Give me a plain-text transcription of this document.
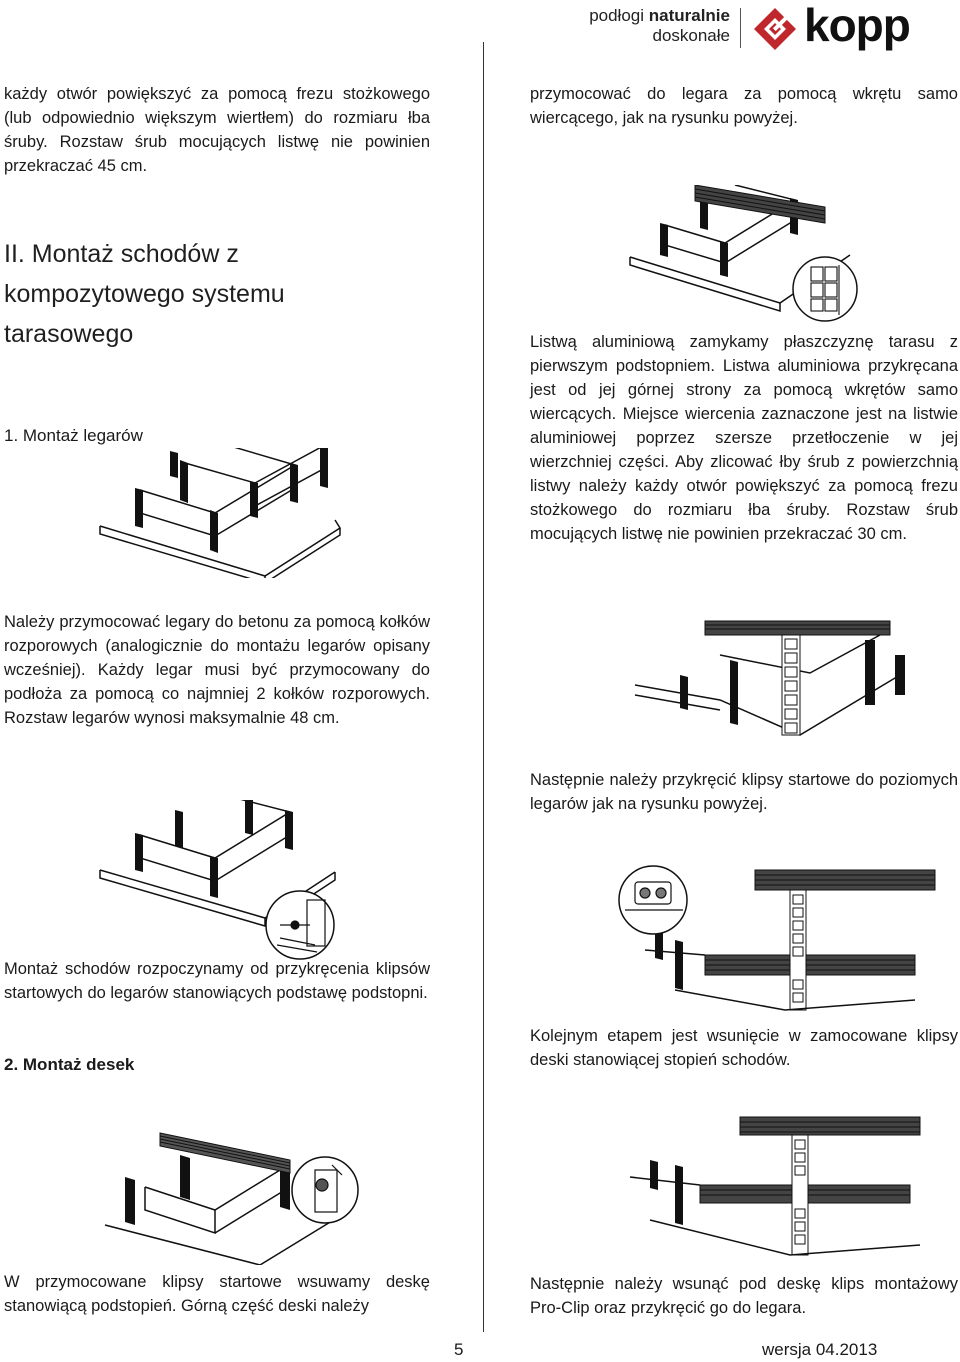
podłogi naturalnie
doskonałe kopp

każdy otwór powiększyć za pomocą frezu stożkowego (lub odpowiednio większym wiertłem) do rozmiaru łba śruby. Rozstaw śrub mocujących listwę nie powinien przekraczać 45 cm.

II. Montaż schodów z kompozytowego systemu tarasowego
1. Montaż legarów

Należy przymocować legary do betonu za pomocą kołków rozporowych (analogicznie do montażu legarów opisany wcześniej). Każdy legar musi być przymocowany do podłoża za pomocą co najmniej 2 kołków rozporowych. Rozstaw legarów wynosi maksymalnie 48 cm.

Montaż schodów rozpoczynamy od przykręcenia klipsów startowych do legarów stanowiących podstawę podstopni.

2. Montaż desek

W przymocowane klipsy startowe wsuwamy deskę stanowiącą podstopień. Górną część deski należy

przymocować do legara za pomocą wkrętu samo wiercącego, jak na rysunku powyżej.

Listwą aluminiową zamykamy płaszczyznę tarasu z pierwszym podstopniem. Listwa aluminiowa przykręcana jest od jej górnej strony za pomocą wkrętów samo wiercących. Miejsce wiercenia zaznaczone jest na listwie aluminiowej poprzez szersze przetłoczenie w jej wierzchniej części. Aby zlicować łby śrub z powierzchnią listwy należy każdy otwór powiększyć za pomocą frezu stożkowego do rozmiaru łba śruby. Rozstaw śrub mocujących listwę nie powinien przekraczać 30 cm.

Następnie należy przykręcić klipsy startowe do poziomych legarów jak na rysunku powyżej.

Kolejnym etapem jest wsunięcie w zamocowane klipsy deski stanowiącej stopień schodów.

Następnie należy wsunąć pod deskę klips montażowy Pro-Clip oraz przykręcić go do legara.

5	wersja 04.2013
